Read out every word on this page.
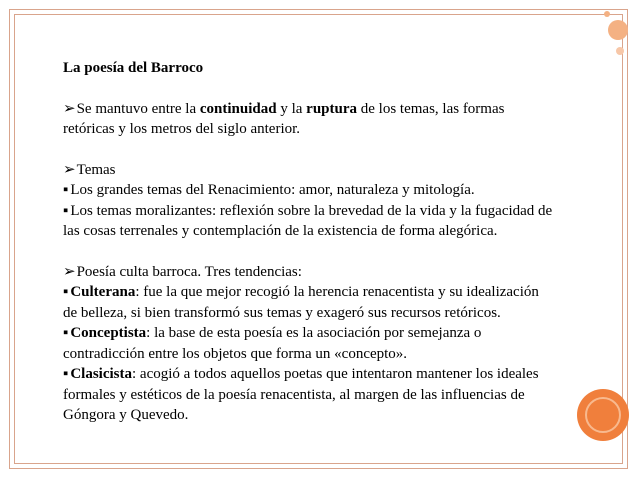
La poesía del Barroco

➢ Se mantuvo entre la continuidad y la ruptura de los temas, las formas retóricas y los metros del siglo anterior.

➢ Temas
▪ Los grandes temas del Renacimiento: amor, naturaleza y mitología.
▪ Los temas moralizantes: reflexión sobre la brevedad de la vida y la fugacidad de las cosas terrenales y contemplación de la existencia de forma alegórica.
➢ Poesía culta barroca. Tres tendencias:
▪ Culterana: fue la que mejor recogió la herencia renacentista y su idealización de belleza, si bien transformó sus temas y exageró sus recursos retóricos.
▪ Conceptista: la base de esta poesía es la asociación por semejanza o contradicción entre los objetos que forma un «concepto».
▪ Clasicista: acogió a todos aquellos poetas que intentaron mantener los ideales formales y estéticos de la poesía renacentista, al margen de las influencias de Góngora y Quevedo.
